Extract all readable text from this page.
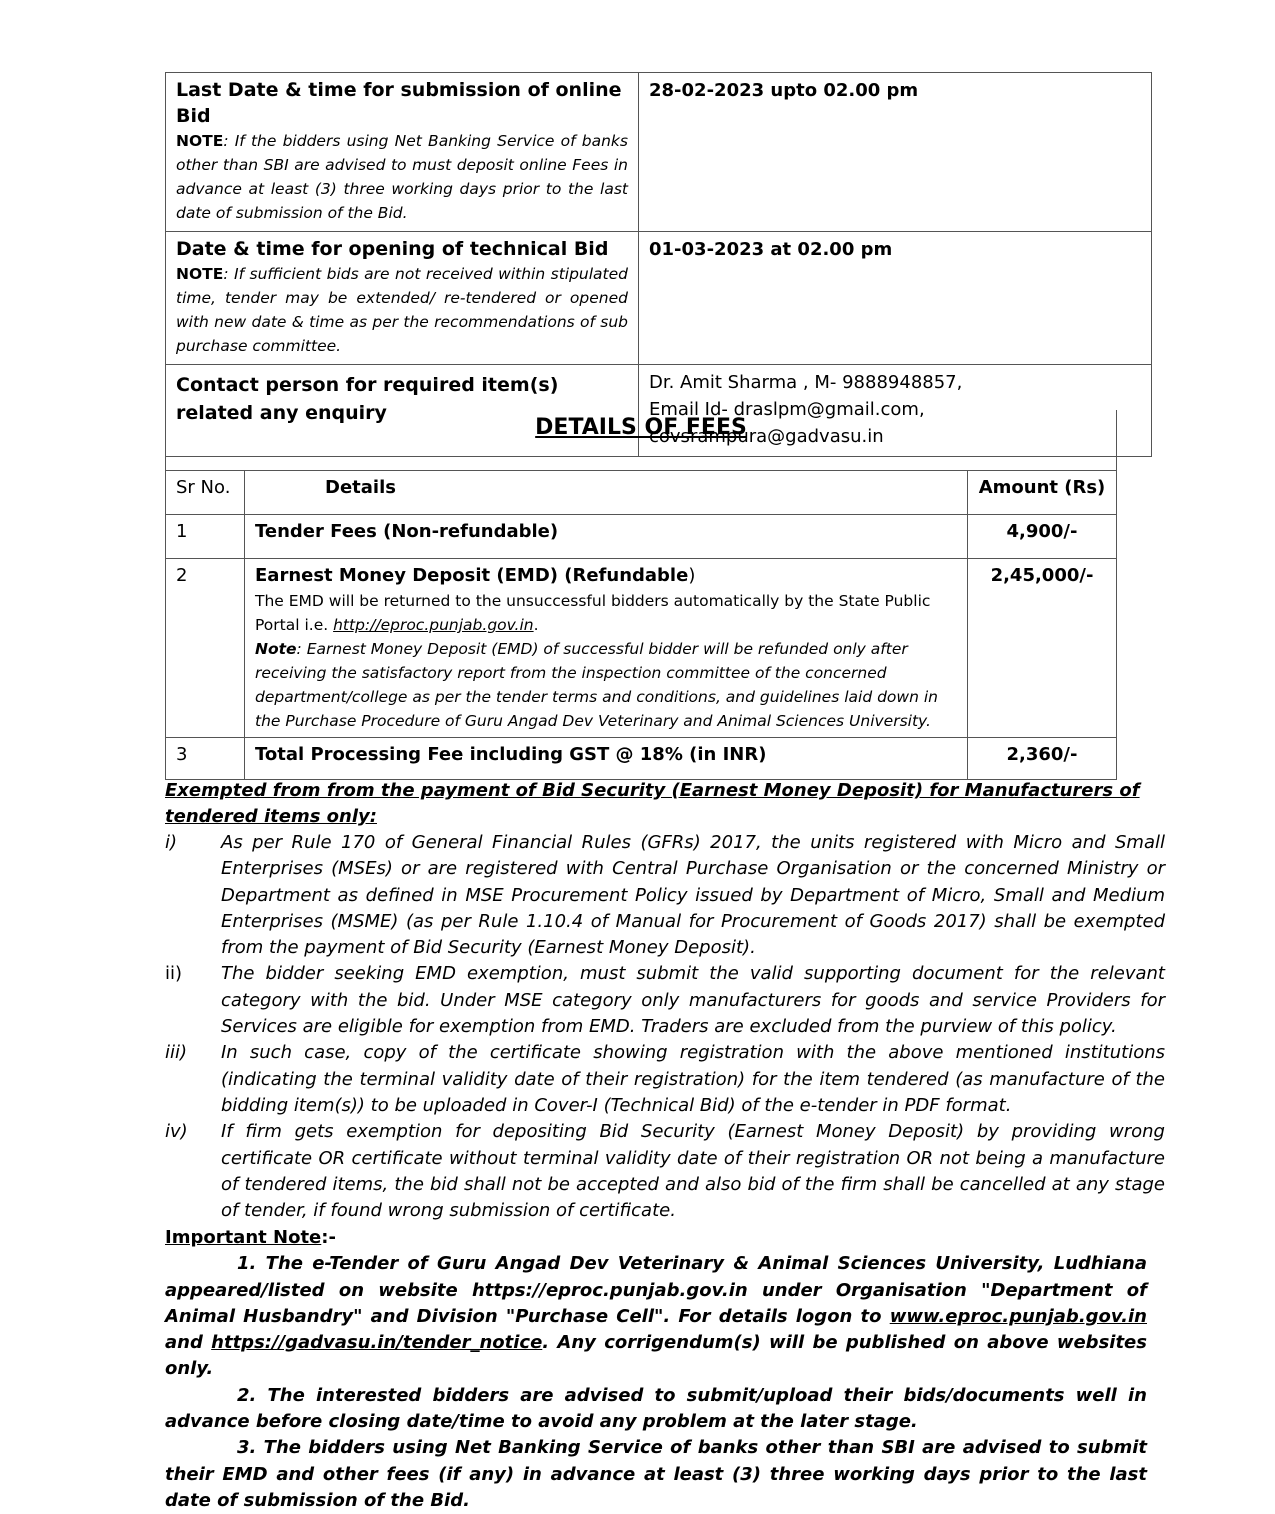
Last Date & time for submission of online Bid
NOTE: If the bidders using Net Banking Service of banks other than SBI are advised to must deposit online Fees in advance at least (3) three working days prior to the last date of submission of the Bid.	28-02-2023 upto 02.00 pm

Date & time for opening of technical Bid
NOTE: If sufficient bids are not received within stipulated time, tender may be extended/ re-tendered or opened with new date & time as per the recommendations of sub purchase committee.	01-03-2023 at 02.00 pm

Contact person for required item(s) related any enquiry	Dr. Amit Sharma , M- 9888948857,
Email Id- draslpm@gmail.com,
covsrampura@gadvasu.in
DETAILS OF FEES
Sr No.	Details	Amount (Rs)
1	Tender Fees (Non-refundable)	4,900/-
2	Earnest Money Deposit (EMD) (Refundable)
The EMD will be returned to the unsuccessful bidders automatically by the State Public Portal i.e. http://eproc.punjab.gov.in.
Note: Earnest Money Deposit (EMD) of successful bidder will be refunded only after receiving the satisfactory report from the inspection committee of the concerned department/college as per the tender terms and conditions, and guidelines laid down in the Purchase Procedure of Guru Angad Dev Veterinary and Animal Sciences University.	2,45,000/-
3	Total Processing Fee including GST @ 18% (in INR)	2,360/-
Exempted from from the payment of Bid Security (Earnest Money Deposit) for Manufacturers of tendered items only:
i)	As per Rule 170 of General Financial Rules (GFRs) 2017, the units registered with Micro and Small Enterprises (MSEs) or are registered with Central Purchase Organisation or the concerned Ministry or Department as defined in MSE Procurement Policy issued by Department of Micro, Small and Medium Enterprises (MSME) (as per Rule 1.10.4 of Manual for Procurement of Goods 2017) shall be exempted from the payment of Bid Security (Earnest Money Deposit).
ii)	The bidder seeking EMD exemption, must submit the valid supporting document for the relevant category with the bid. Under MSE category only manufacturers for goods and service Providers for Services are eligible for exemption from EMD. Traders are excluded from the purview of this policy.
iii)	In such case, copy of the certificate showing registration with the above mentioned institutions (indicating the terminal validity date of their registration) for the item tendered (as manufacture of the bidding item(s)) to be uploaded in Cover-I (Technical Bid) of the e-tender in PDF format.
iv)	If firm gets exemption for depositing Bid Security (Earnest Money Deposit) by providing wrong certificate OR certificate without terminal validity date of their registration OR not being a manufacture of tendered items, the bid shall not be accepted and also bid of the firm shall be cancelled at any stage of tender, if found wrong submission of certificate.
Important Note:-

1. The e-Tender of Guru Angad Dev Veterinary & Animal Sciences University, Ludhiana appeared/listed on website https://eproc.punjab.gov.in under Organisation "Department of Animal Husbandry" and Division "Purchase Cell". For details logon to www.eproc.punjab.gov.in and https://gadvasu.in/tender_notice. Any corrigendum(s) will be published on above websites only.

2. The interested bidders are advised to submit/upload their bids/documents well in advance before closing date/time to avoid any problem at the later stage.

3. The bidders using Net Banking Service of banks other than SBI are advised to submit their EMD and other fees (if any) in advance at least (3) three working days prior to the last date of submission of the Bid.
